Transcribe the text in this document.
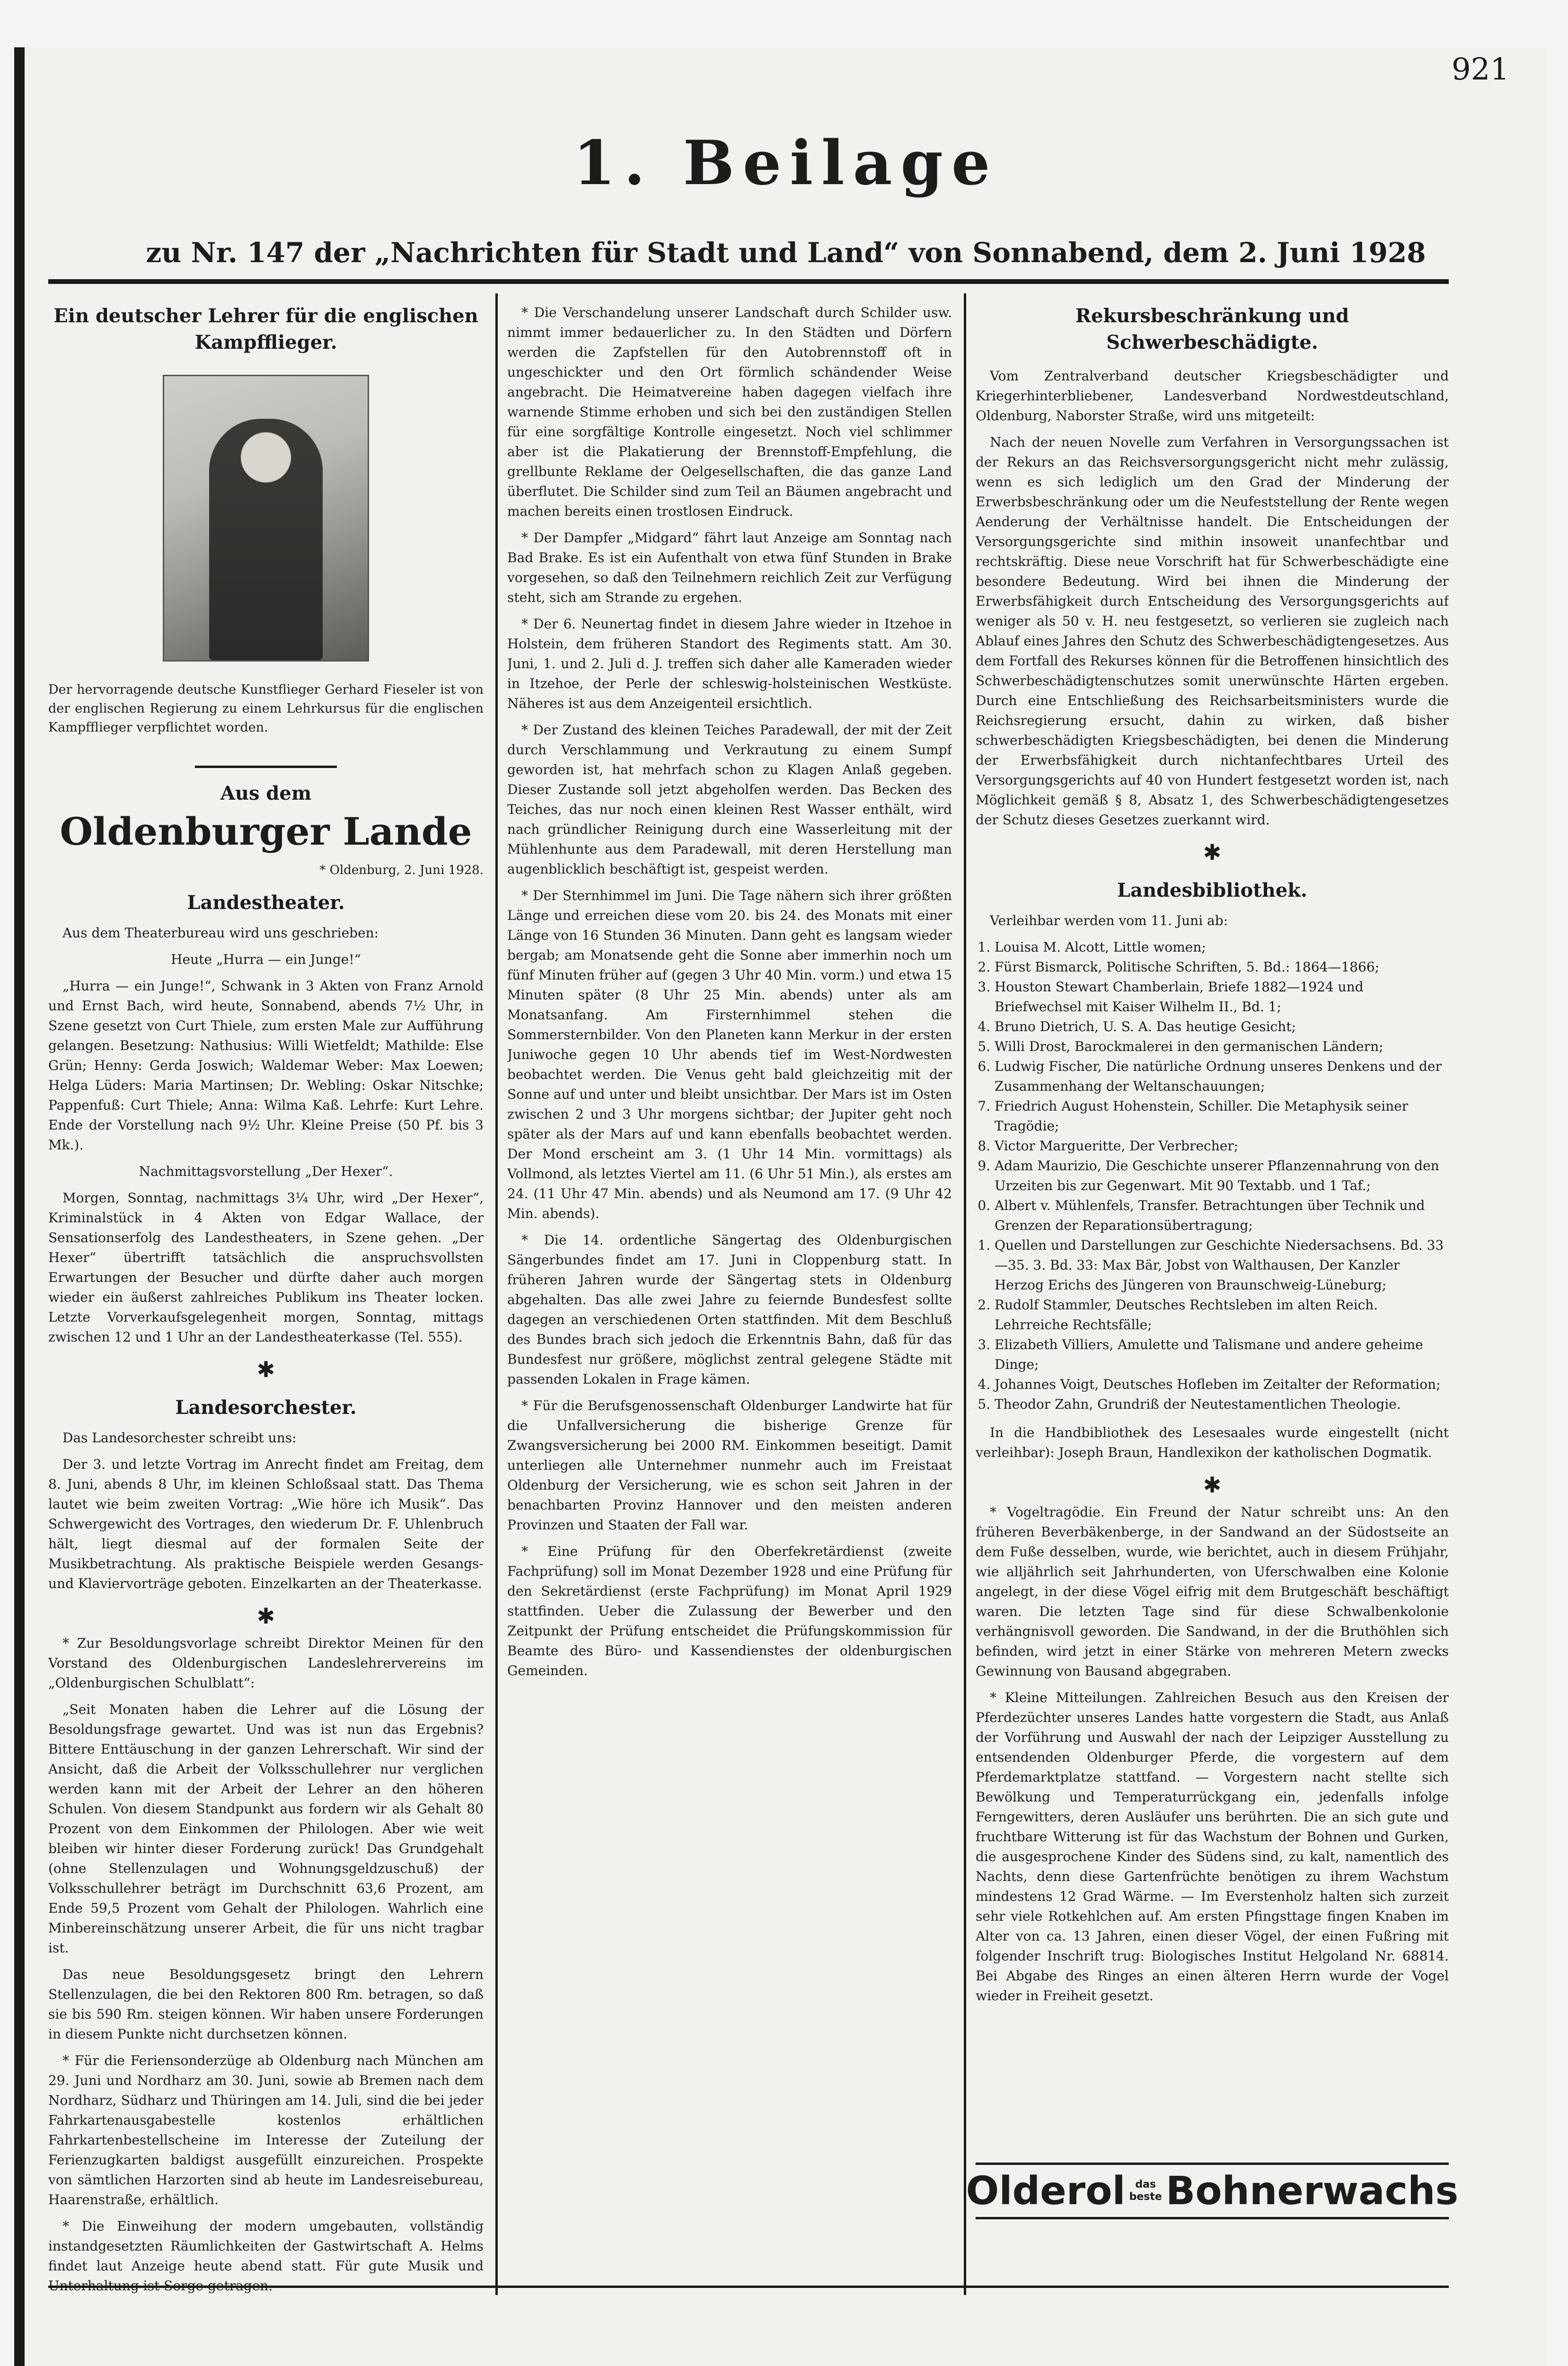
921
1. Beilage
zu Nr. 147 der „Nachrichten für Stadt und Land“ von Sonnabend, dem 2. Juni 1928
Ein deutscher Lehrer für die englischen Kampfflieger.

Der hervorragende deutsche Kunstflieger Gerhard Fieseler ist von der englischen Regierung zu einem Lehrkursus für die englischen Kampfflieger verpflichtet worden.

Aus dem
Oldenburger Lande
* Oldenburg, 2. Juni 1928.
Landestheater.

Aus dem Theaterbureau wird uns geschrieben:

Heute „Hurra — ein Junge!“

„Hurra — ein Junge!“, Schwank in 3 Akten von Franz Arnold und Ernst Bach, wird heute, Sonnabend, abends 7½ Uhr, in Szene gesetzt von Curt Thiele, zum ersten Male zur Aufführung gelangen. Besetzung: Nathusius: Willi Wietfeldt; Mathilde: Else Grün; Henny: Gerda Joswich; Waldemar Weber: Max Loewen; Helga Lüders: Maria Martinsen; Dr. Webling: Oskar Nitschke; Pappenfuß: Curt Thiele; Anna: Wilma Kaß. Lehrfe: Kurt Lehre. Ende der Vorstellung nach 9½ Uhr. Kleine Preise (50 Pf. bis 3 Mk.).

Nachmittagsvorstellung „Der Hexer“.

Morgen, Sonntag, nachmittags 3¼ Uhr, wird „Der Hexer“, Kriminalstück in 4 Akten von Edgar Wallace, der Sensationserfolg des Landestheaters, in Szene gehen. „Der Hexer“ übertrifft tatsächlich die anspruchsvollsten Erwartungen der Besucher und dürfte daher auch morgen wieder ein äußerst zahlreiches Publikum ins Theater locken. Letzte Vorverkaufsgelegenheit morgen, Sonntag, mittags zwischen 12 und 1 Uhr an der Landestheaterkasse (Tel. 555).

✱
Landesorchester.

Das Landesorchester schreibt uns:

Der 3. und letzte Vortrag im Anrecht findet am Freitag, dem 8. Juni, abends 8 Uhr, im kleinen Schloßsaal statt. Das Thema lautet wie beim zweiten Vortrag: „Wie höre ich Musik“. Das Schwergewicht des Vortrages, den wiederum Dr. F. Uhlenbruch hält, liegt diesmal auf der formalen Seite der Musikbetrachtung. Als praktische Beispiele werden Gesangs- und Klaviervorträge geboten. Einzelkarten an der Theaterkasse.

✱

* Zur Besoldungsvorlage schreibt Direktor Meinen für den Vorstand des Oldenburgischen Landeslehrervereins im „Oldenburgischen Schulblatt“:

„Seit Monaten haben die Lehrer auf die Lösung der Besoldungsfrage gewartet. Und was ist nun das Ergebnis? Bittere Enttäuschung in der ganzen Lehrerschaft. Wir sind der Ansicht, daß die Arbeit der Volksschullehrer nur verglichen werden kann mit der Arbeit der Lehrer an den höheren Schulen. Von diesem Standpunkt aus fordern wir als Gehalt 80 Prozent von dem Einkommen der Philologen. Aber wie weit bleiben wir hinter dieser Forderung zurück! Das Grundgehalt (ohne Stellenzulagen und Wohnungsgeldzuschuß) der Volksschullehrer beträgt im Durchschnitt 63,6 Prozent, am Ende 59,5 Prozent vom Gehalt der Philologen. Wahrlich eine Minbereinschätzung unserer Arbeit, die für uns nicht tragbar ist.

Das neue Besoldungsgesetz bringt den Lehrern Stellenzulagen, die bei den Rektoren 800 Rm. betragen, so daß sie bis 590 Rm. steigen können. Wir haben unsere Forderungen in diesem Punkte nicht durchsetzen können.

* Für die Feriensonderzüge ab Oldenburg nach München am 29. Juni und Nordharz am 30. Juni, sowie ab Bremen nach dem Nordharz, Südharz und Thüringen am 14. Juli, sind die bei jeder Fahrkartenausgabestelle kostenlos erhältlichen Fahrkartenbestellscheine im Interesse der Zuteilung der Ferienzugkarten baldigst ausgefüllt einzureichen. Prospekte von sämtlichen Harzorten sind ab heute im Landesreisebureau, Haarenstraße, erhältlich.

* Die Einweihung der modern umgebauten, vollständig instandgesetzten Räumlichkeiten der Gastwirtschaft A. Helms findet laut Anzeige heute abend statt. Für gute Musik und

* Die Verschandelung unserer Landschaft durch Schilder usw. nimmt immer bedauerlicher zu. In den Städten und Dörfern werden die Zapfstellen für den Autobrennstoff oft in ungeschickter und den Ort förmlich schändender Weise angebracht. Die Heimatvereine haben dagegen vielfach ihre warnende Stimme erhoben und sich bei den zuständigen Stellen für eine sorgfältige Kontrolle eingesetzt. Noch viel schlimmer aber ist die Plakatierung der Brennstoff-Empfehlung, die grellbunte Reklame der Oelgesellschaften, die das ganze Land überflutet. Die Schilder sind zum Teil an Bäumen angebracht und machen bereits einen trostlosen Eindruck.

* Der Dampfer „Midgard“ fährt laut Anzeige am Sonntag nach Bad Brake. Es ist ein Aufenthalt von etwa fünf Stunden in Brake vorgesehen, so daß den Teilnehmern reichlich Zeit zur Verfügung steht, sich am Strande zu ergehen.

* Der 6. Neunertag findet in diesem Jahre wieder in Itzehoe in Holstein, dem früheren Standort des Regiments statt. Am 30. Juni, 1. und 2. Juli d. J. treffen sich daher alle Kameraden wieder in Itzehoe, der Perle der schleswig-holsteinischen Westküste. Näheres ist aus dem Anzeigenteil ersichtlich.

* Der Zustand des kleinen Teiches Paradewall, der mit der Zeit durch Verschlammung und Verkrautung zu einem Sumpf geworden ist, hat mehrfach schon zu Klagen Anlaß gegeben. Dieser Zustande soll jetzt abgeholfen werden. Das Becken des Teiches, das nur noch einen kleinen Rest Wasser enthält, wird nach gründlicher Reinigung durch eine Wasserleitung mit der Mühlenhunte aus dem Paradewall, mit deren Herstellung man augenblicklich beschäftigt ist, gespeist werden.

* Der Sternhimmel im Juni. Die Tage nähern sich ihrer größten Länge und erreichen diese vom 20. bis 24. des Monats mit einer Länge von 16 Stunden 36 Minuten. Dann geht es langsam wieder bergab; am Monatsende geht die Sonne aber immerhin noch um fünf Minuten früher auf (gegen 3 Uhr 40 Min. vorm.) und etwa 15 Minuten später (8 Uhr 25 Min. abends) unter als am Monatsanfang. Am Firsternhimmel stehen die Sommersternbilder. Von den Planeten kann Merkur in der ersten Juniwoche gegen 10 Uhr abends tief im West-Nordwesten beobachtet werden. Die Venus geht bald gleichzeitig mit der Sonne auf und unter und bleibt unsichtbar. Der Mars ist im Osten zwischen 2 und 3 Uhr morgens sichtbar; der Jupiter geht noch später als der Mars auf und kann ebenfalls beobachtet werden. Der Mond erscheint am 3. (1 Uhr 14 Min. vormittags) als Vollmond, als letztes Viertel am 11. (6 Uhr 51 Min.), als erstes am 24. (11 Uhr 47 Min. abends) und als Neumond am 17. (9 Uhr 42 Min. abends).

* Die 14. ordentliche Sängertag des Oldenburgischen Sängerbundes findet am 17. Juni in Cloppenburg statt. In früheren Jahren wurde der Sängertag stets in Oldenburg abgehalten. Das alle zwei Jahre zu feiernde Bundesfest sollte dagegen an verschiedenen Orten stattfinden. Mit dem Beschluß des Bundes brach sich jedoch die Erkenntnis Bahn, daß für das Bundesfest nur größere, möglichst zentral gelegene Städte mit passenden Lokalen in Frage kämen.

* Für die Berufsgenossenschaft Oldenburger Landwirte hat für die Unfallversicherung die bisherige Grenze für Zwangsversicherung bei 2000 RM. Einkommen beseitigt. Damit unterliegen alle Unternehmer nunmehr auch im Freistaat Oldenburg der Versicherung, wie es schon seit Jahren in der benachbarten Provinz Hannover und den meisten anderen Provinzen und Staaten der Fall war.

* Eine Prüfung für den Oberfekretärdienst (zweite Fachprüfung) soll im Monat Dezember 1928 und eine Prüfung für den Sekretärdienst (erste Fachprüfung) im Monat April 1929 stattfinden. Ueber die Zulassung der Bewerber und den Zeitpunkt der Prüfung entscheidet die Prüfungskommission für Beamte des Büro- und Kassendienstes der oldenburgischen Gemeinden.

Rekursbeschränkung und Schwerbeschädigte.

Vom Zentralverband deutscher Kriegsbeschädigter und Kriegerhinterbliebener, Landesverband Nordwestdeutschland, Oldenburg, Naborster Straße, wird uns mitgeteilt:

Nach der neuen Novelle zum Verfahren in Versorgungssachen ist der Rekurs an das Reichsversorgungsgericht nicht mehr zulässig, wenn es sich lediglich um den Grad der Minderung der Erwerbsbeschränkung oder um die Neufeststellung der Rente wegen Aenderung der Verhältnisse handelt. Die Entscheidungen der Versorgungsgerichte sind mithin insoweit unanfechtbar und rechtskräftig. Diese neue Vorschrift hat für Schwerbeschädigte eine besondere Bedeutung. Wird bei ihnen die Minderung der Erwerbsfähigkeit durch Entscheidung des Versorgungsgerichts auf weniger als 50 v. H. neu festgesetzt, so verlieren sie zugleich nach Ablauf eines Jahres den Schutz des Schwerbeschädigtengesetzes. Aus dem Fortfall des Rekurses können für die Betroffenen hinsichtlich des Schwerbeschädigtenschutzes somit unerwünschte Härten ergeben. Durch eine Entschließung des Reichsarbeitsministers wurde die Reichsregierung ersucht, dahin zu wirken, daß bisher schwerbeschädigten Kriegsbeschädigten, bei denen die Minderung der Erwerbsfähigkeit durch nichtanfechtbares Urteil des Versorgungsgerichts auf 40 von Hundert festgesetzt worden ist, nach Möglichkeit gemäß § 8, Absatz 1, des Schwerbeschädigtengesetzes der Schutz dieses Gesetzes zuerkannt wird.

✱
Landesbibliothek.

Verleihbar werden vom 11. Juni ab:

1. Louisa M. Alcott, Little women;
2. Fürst Bismarck, Politische Schriften, 5. Bd.: 1864—1866;
3. Houston Stewart Chamberlain, Briefe 1882—1924 und Briefwechsel mit Kaiser Wilhelm II., Bd. 1;
4. Bruno Dietrich, U. S. A. Das heutige Gesicht;
5. Willi Drost, Barockmalerei in den germanischen Ländern;
6. Ludwig Fischer, Die natürliche Ordnung unseres Denkens und der Zusammenhang der Weltanschauungen;
7. Friedrich August Hohenstein, Schiller. Die Metaphysik seiner Tragödie;
8. Victor Margueritte, Der Verbrecher;
9. Adam Maurizio, Die Geschichte unserer Pflanzennahrung von den Urzeiten bis zur Gegenwart. Mit 90 Textabb. und 1 Taf.;
10. Albert v. Mühlenfels, Transfer. Betrachtungen über Technik und Grenzen der Reparationsübertragung;
11. Quellen und Darstellungen zur Geschichte Niedersachsens. Bd. 33—35. 3. Bd. 33: Max Bär, Jobst von Walthausen, Der Kanzler Herzog Erichs des Jüngeren von Braunschweig-Lüneburg;
12. Rudolf Stammler, Deutsches Rechtsleben im alten Reich. Lehrreiche Rechtsfälle;
13. Elizabeth Villiers, Amulette und Talismane und andere geheime Dinge;
14. Johannes Voigt, Deutsches Hofleben im Zeitalter der Reformation;
15. Theodor Zahn, Grundriß der Neutestamentlichen Theologie.

In die Handbibliothek des Lesesaales wurde eingestellt (nicht verleihbar): Joseph Braun, Handlexikon der katholischen Dogmatik.

✱

* Vogeltragödie. Ein Freund der Natur schreibt uns: An den früheren Beverbäkenberge, in der Sandwand an der Südostseite an dem Fuße desselben, wurde, wie berichtet, auch in diesem Frühjahr, wie alljährlich seit Jahrhunderten, von Uferschwalben eine Kolonie angelegt, in der diese Vögel eifrig mit dem Brutgeschäft beschäftigt waren. Die letzten Tage sind für diese Schwalbenkolonie verhängnisvoll geworden. Die Sandwand, in der die Bruthöhlen sich befinden, wird jetzt in einer Stärke von mehreren Metern zwecks Gewinnung von Bausand abgegraben.

* Kleine Mitteilungen. Zahlreichen Besuch aus den Kreisen der Pferdezüchter unseres Landes hatte vorgestern die Stadt, aus Anlaß der Vorführung und Auswahl der nach der Leipziger Ausstellung zu entsendenden Oldenburger Pferde, die vorgestern auf dem Pferdemarktplatze stattfand. — Vorgestern nacht stellte sich Bewölkung und Temperaturrückgang ein, jedenfalls infolge Ferngewitters, deren Ausläufer uns berührten. Die an sich gute und fruchtbare Witterung ist für das Wachstum der Bohnen und Gurken, die ausgesprochene Kinder des Südens sind, zu kalt, namentlich des Nachts, denn diese Gartenfrüchte benötigen zu ihrem Wachstum mindestens 12 Grad Wärme. — Im Everstenholz halten sich zurzeit sehr viele Rotkehlchen auf. Am ersten Pfingsttage fingen Knaben im Alter von ca. 13 Jahren, einen dieser Vögel, der einen Fußring mit folgender Inschrift trug: Biologisches Institut Helgoland Nr. 68814. Bei Abgabe des Ringes an einen älteren Herrn wurde der Vogel wieder in Freiheit gesetzt.

Olderol das beste Bohnerwachs
